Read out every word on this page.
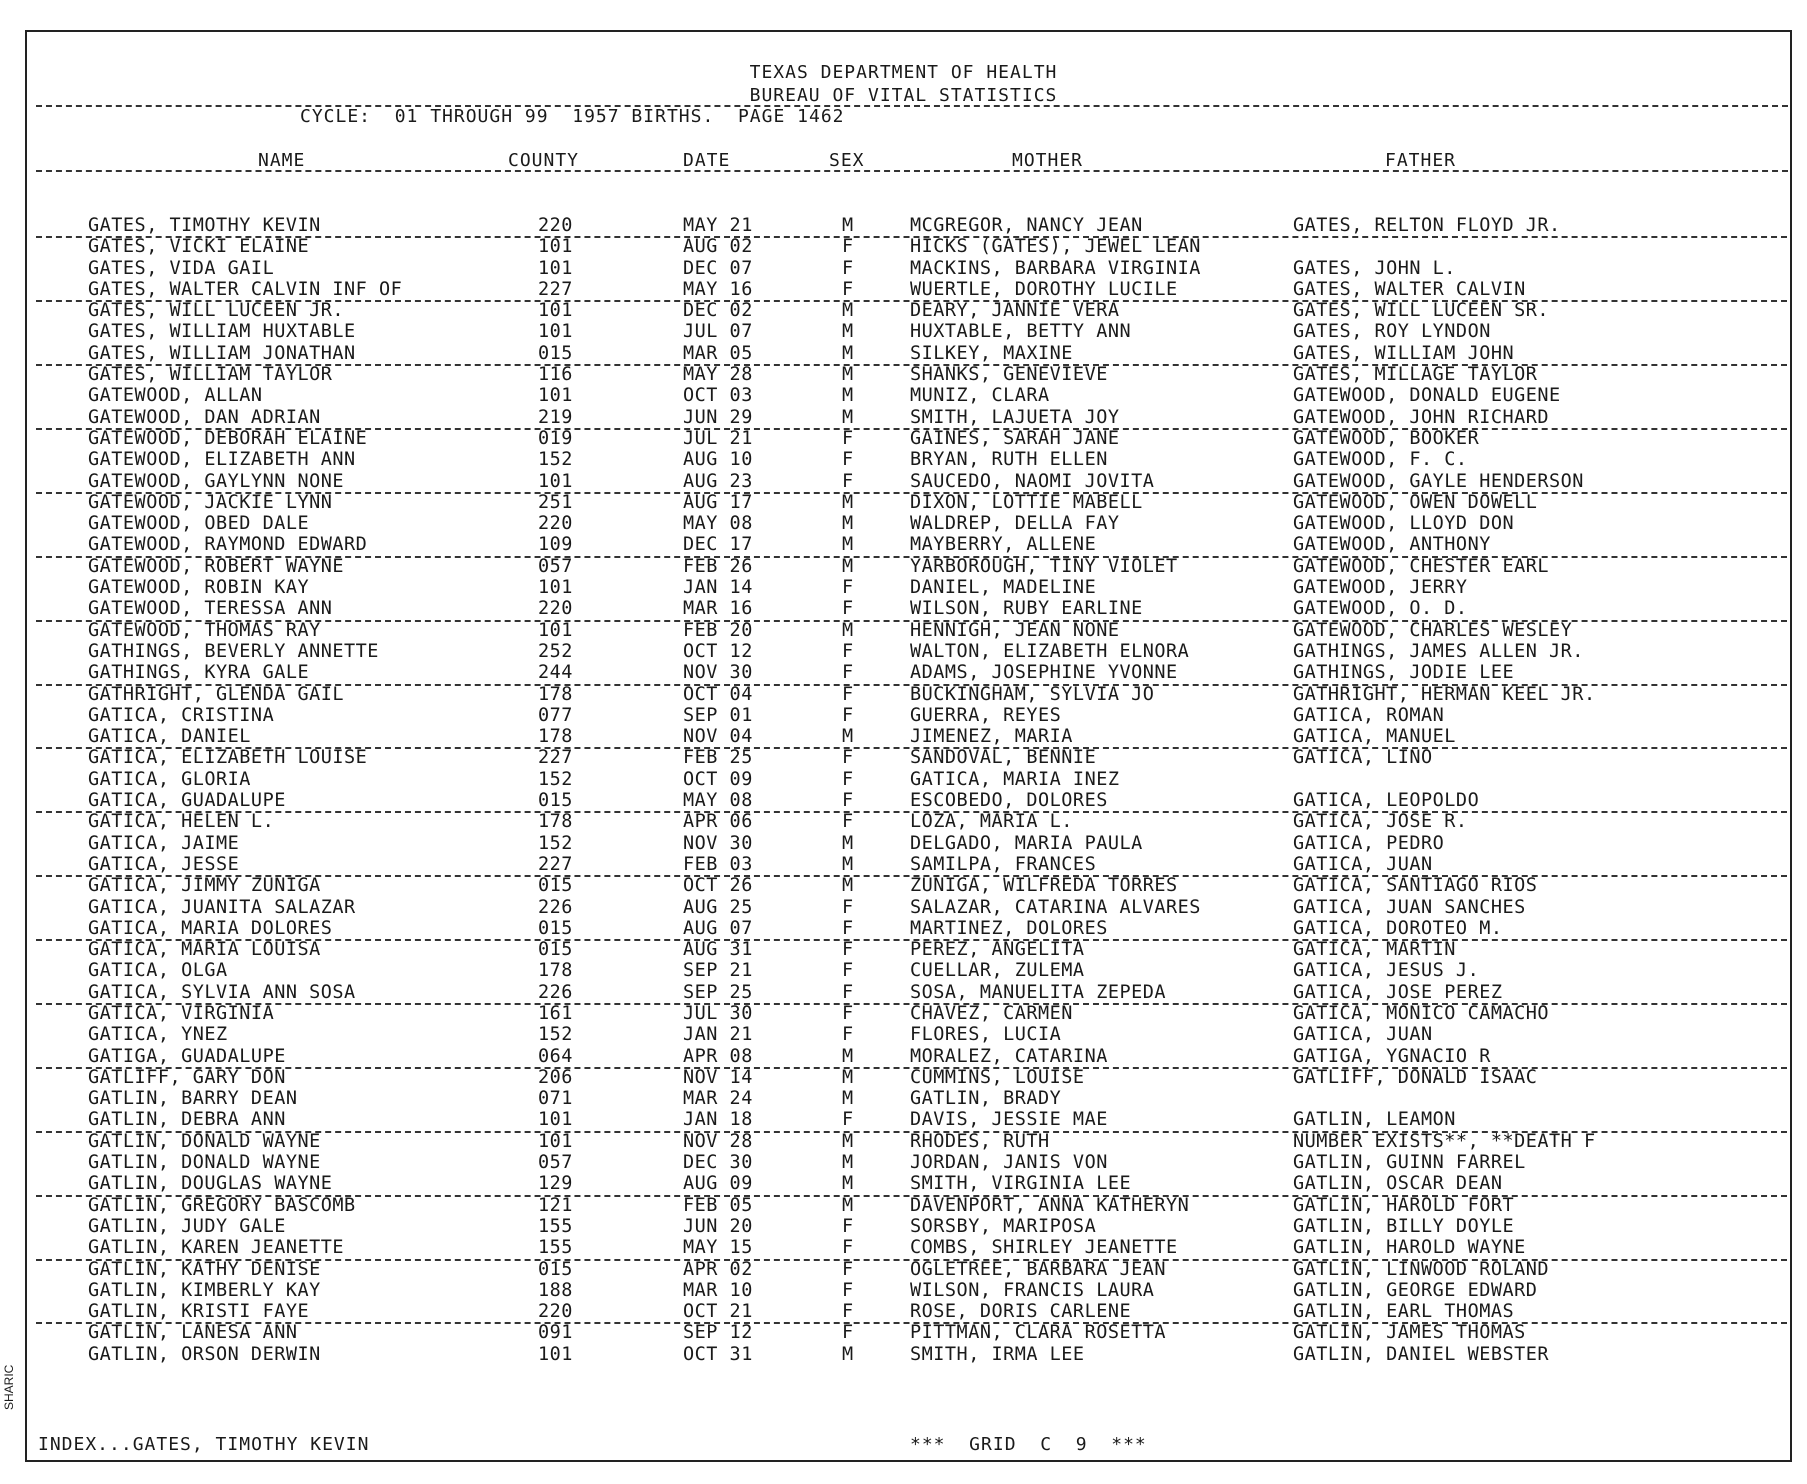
TEXAS DEPARTMENT OF HEALTH
BUREAU OF VITAL STATISTICS
CYCLE:  01 THROUGH 99  1957 BIRTHS.  PAGE 1462
NAME	COUNTY	DATE	SEX	MOTHER	FATHER
GATES, TIMOTHY KEVIN	220	MAY 21	M	MCGREGOR, NANCY JEAN	GATES, RELTON FLOYD JR.
GATES, VICKI ELAINE	101	AUG 02	F	HICKS (GATES), JEWEL LEAN
GATES, VIDA GAIL	101	DEC 07	F	MACKINS, BARBARA VIRGINIA	GATES, JOHN L.
GATES, WALTER CALVIN INF OF	227	MAY 16	F	WUERTLE, DOROTHY LUCILE	GATES, WALTER CALVIN
GATES, WILL LUCEEN JR.	101	DEC 02	M	DEARY, JANNIE VERA	GATES, WILL LUCEEN SR.
GATES, WILLIAM HUXTABLE	101	JUL 07	M	HUXTABLE, BETTY ANN	GATES, ROY LYNDON
GATES, WILLIAM JONATHAN	015	MAR 05	M	SILKEY, MAXINE	GATES, WILLIAM JOHN
GATES, WILLIAM TAYLOR	116	MAY 28	M	SHANKS, GENEVIEVE	GATES, MILLAGE TAYLOR
GATEWOOD, ALLAN	101	OCT 03	M	MUNIZ, CLARA	GATEWOOD, DONALD EUGENE
GATEWOOD, DAN ADRIAN	219	JUN 29	M	SMITH, LAJUETA JOY	GATEWOOD, JOHN RICHARD
GATEWOOD, DEBORAH ELAINE	019	JUL 21	F	GAINES, SARAH JANE	GATEWOOD, BOOKER
GATEWOOD, ELIZABETH ANN	152	AUG 10	F	BRYAN, RUTH ELLEN	GATEWOOD, F. C.
GATEWOOD, GAYLYNN NONE	101	AUG 23	F	SAUCEDO, NAOMI JOVITA	GATEWOOD, GAYLE HENDERSON
GATEWOOD, JACKIE LYNN	251	AUG 17	M	DIXON, LOTTIE MABELL	GATEWOOD, OWEN DOWELL
GATEWOOD, OBED DALE	220	MAY 08	M	WALDREP, DELLA FAY	GATEWOOD, LLOYD DON
GATEWOOD, RAYMOND EDWARD	109	DEC 17	M	MAYBERRY, ALLENE	GATEWOOD, ANTHONY
GATEWOOD, ROBERT WAYNE	057	FEB 26	M	YARBOROUGH, TINY VIOLET	GATEWOOD, CHESTER EARL
GATEWOOD, ROBIN KAY	101	JAN 14	F	DANIEL, MADELINE	GATEWOOD, JERRY
GATEWOOD, TERESSA ANN	220	MAR 16	F	WILSON, RUBY EARLINE	GATEWOOD, O. D.
GATEWOOD, THOMAS RAY	101	FEB 20	M	HENNIGH, JEAN NONE	GATEWOOD, CHARLES WESLEY
GATHINGS, BEVERLY ANNETTE	252	OCT 12	F	WALTON, ELIZABETH ELNORA	GATHINGS, JAMES ALLEN JR.
GATHINGS, KYRA GALE	244	NOV 30	F	ADAMS, JOSEPHINE YVONNE	GATHINGS, JODIE LEE
GATHRIGHT, GLENDA GAIL	178	OCT 04	F	BUCKINGHAM, SYLVIA JO	GATHRIGHT, HERMAN KEEL JR.
GATICA, CRISTINA	077	SEP 01	F	GUERRA, REYES	GATICA, ROMAN
GATICA, DANIEL	178	NOV 04	M	JIMENEZ, MARIA	GATICA, MANUEL
GATICA, ELIZABETH LOUISE	227	FEB 25	F	SANDOVAL, BENNIE	GATICA, LINO
GATICA, GLORIA	152	OCT 09	F	GATICA, MARIA INEZ
GATICA, GUADALUPE	015	MAY 08	F	ESCOBEDO, DOLORES	GATICA, LEOPOLDO
GATICA, HELEN L.	178	APR 06	F	LOZA, MARIA L.	GATICA, JOSE R.
GATICA, JAIME	152	NOV 30	M	DELGADO, MARIA PAULA	GATICA, PEDRO
GATICA, JESSE	227	FEB 03	M	SAMILPA, FRANCES	GATICA, JUAN
GATICA, JIMMY ZUNIGA	015	OCT 26	M	ZUNIGA, WILFREDA TORRES	GATICA, SANTIAGO RIOS
GATICA, JUANITA SALAZAR	226	AUG 25	F	SALAZAR, CATARINA ALVARES	GATICA, JUAN SANCHES
GATICA, MARIA DOLORES	015	AUG 07	F	MARTINEZ, DOLORES	GATICA, DOROTEO M.
GATICA, MARIA LOUISA	015	AUG 31	F	PEREZ, ANGELITA	GATICA, MARTIN
GATICA, OLGA	178	SEP 21	F	CUELLAR, ZULEMA	GATICA, JESUS J.
GATICA, SYLVIA ANN SOSA	226	SEP 25	F	SOSA, MANUELITA ZEPEDA	GATICA, JOSE PEREZ
GATICA, VIRGINIA	161	JUL 30	F	CHAVEZ, CARMEN	GATICA, MONICO CAMACHO
GATICA, YNEZ	152	JAN 21	F	FLORES, LUCIA	GATICA, JUAN
GATIGA, GUADALUPE	064	APR 08	M	MORALEZ, CATARINA	GATIGA, YGNACIO R
GATLIFF, GARY DON	206	NOV 14	M	CUMMINS, LOUISE	GATLIFF, DONALD ISAAC
GATLIN, BARRY DEAN	071	MAR 24	M	GATLIN, BRADY
GATLIN, DEBRA ANN	101	JAN 18	F	DAVIS, JESSIE MAE	GATLIN, LEAMON
GATLIN, DONALD WAYNE	101	NOV 28	M	RHODES, RUTH	NUMBER EXISTS**, **DEATH F
GATLIN, DONALD WAYNE	057	DEC 30	M	JORDAN, JANIS VON	GATLIN, GUINN FARREL
GATLIN, DOUGLAS WAYNE	129	AUG 09	M	SMITH, VIRGINIA LEE	GATLIN, OSCAR DEAN
GATLIN, GREGORY BASCOMB	121	FEB 05	M	DAVENPORT, ANNA KATHERYN	GATLIN, HAROLD FORT
GATLIN, JUDY GALE	155	JUN 20	F	SORSBY, MARIPOSA	GATLIN, BILLY DOYLE
GATLIN, KAREN JEANETTE	155	MAY 15	F	COMBS, SHIRLEY JEANETTE	GATLIN, HAROLD WAYNE
GATLIN, KATHY DENISE	015	APR 02	F	OGLETREE, BARBARA JEAN	GATLIN, LINWOOD ROLAND
GATLIN, KIMBERLY KAY	188	MAR 10	F	WILSON, FRANCIS LAURA	GATLIN, GEORGE EDWARD
GATLIN, KRISTI FAYE	220	OCT 21	F	ROSE, DORIS CARLENE	GATLIN, EARL THOMAS
GATLIN, LANESA ANN	091	SEP 12	F	PITTMAN, CLARA ROSETTA	GATLIN, JAMES THOMAS
GATLIN, ORSON DERWIN	101	OCT 31	M	SMITH, IRMA LEE	GATLIN, DANIEL WEBSTER
INDEX...GATES, TIMOTHY KEVIN	***  GRID  C  9  ***
SHARIC
